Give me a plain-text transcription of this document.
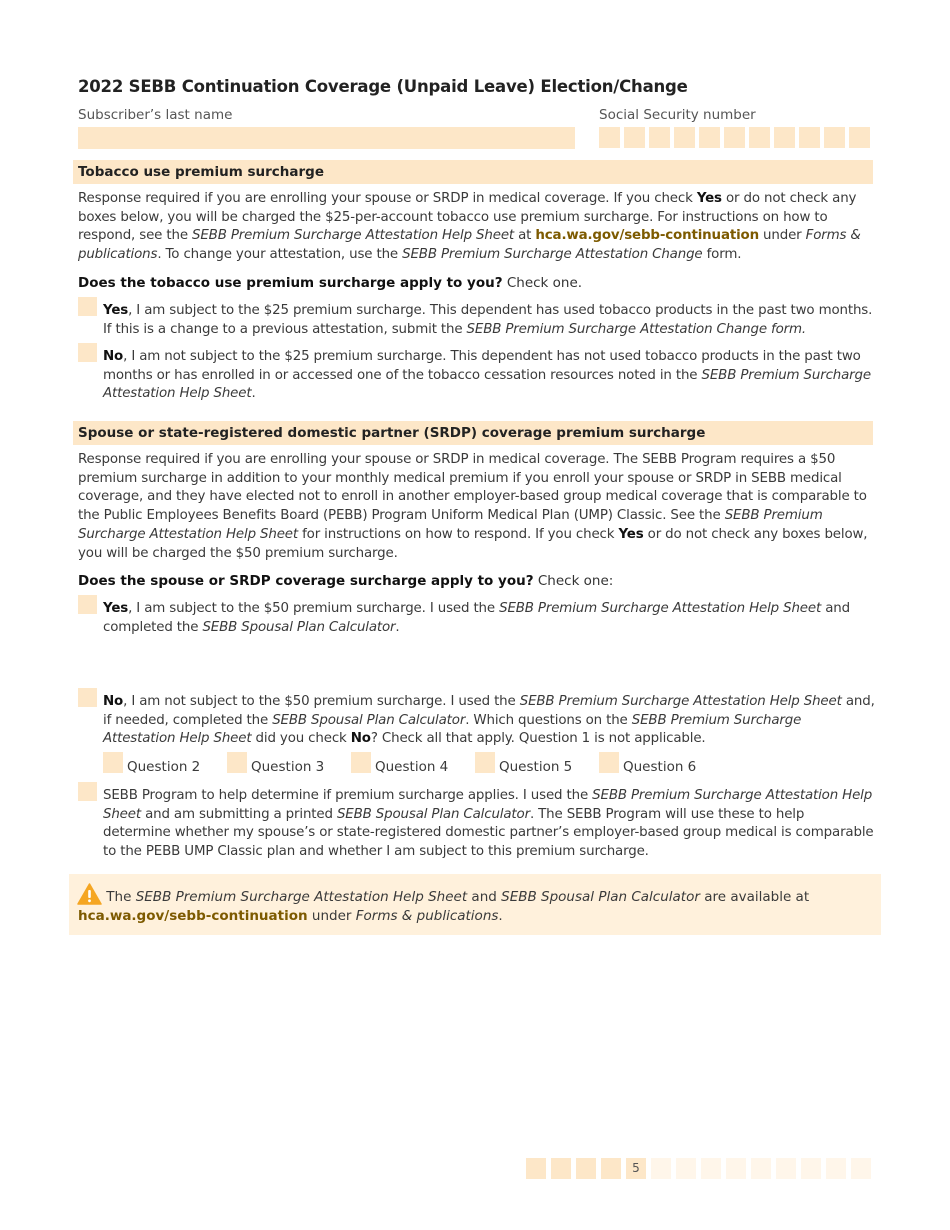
2022 SEBB Continuation Coverage (Unpaid Leave) Election/Change
Subscriber’s last name	Social Security number
Tobacco use premium surcharge
Response required if you are enrolling your spouse or SRDP in medical coverage. If you check Yes or do not check any boxes below, you will be charged the $25-per-account tobacco use premium surcharge. For instructions on how to respond, see the SEBB Premium Surcharge Attestation Help Sheet at hca.wa.gov/sebb-continuation under Forms & publications. To change your attestation, use the SEBB Premium Surcharge Attestation Change form.
Does the tobacco use premium surcharge apply to you? Check one.
Yes, I am subject to the $25 premium surcharge. This dependent has used tobacco products in the past two months. If this is a change to a previous attestation, submit the SEBB Premium Surcharge Attestation Change form.
No, I am not subject to the $25 premium surcharge. This dependent has not used tobacco products in the past two months or has enrolled in or accessed one of the tobacco cessation resources noted in the SEBB Premium Surcharge Attestation Help Sheet.
Spouse or state-registered domestic partner (SRDP) coverage premium surcharge
Response required if you are enrolling your spouse or SRDP in medical coverage. The SEBB Program requires a $50 premium surcharge in addition to your monthly medical premium if you enroll your spouse or SRDP in SEBB medical coverage, and they have elected not to enroll in another employer-based group medical coverage that is comparable to the Public Employees Benefits Board (PEBB) Program Uniform Medical Plan (UMP) Classic. See the SEBB Premium Surcharge Attestation Help Sheet for instructions on how to respond. If you check Yes or do not check any boxes below, you will be charged the $50 premium surcharge.
Does the spouse or SRDP coverage surcharge apply to you? Check one:
Yes, I am subject to the $50 premium surcharge. I used the SEBB Premium Surcharge Attestation Help Sheet and completed the SEBB Spousal Plan Calculator.
No, I am not subject to the $50 premium surcharge. I used the SEBB Premium Surcharge Attestation Help Sheet and, if needed, completed the SEBB Spousal Plan Calculator. Which questions on the SEBB Premium Surcharge Attestation Help Sheet did you check No? Check all that apply. Question 1 is not applicable.
Question 2	Question 3	Question 4	Question 5	Question 6
SEBB Program to help determine if premium surcharge applies. I used the SEBB Premium Surcharge Attestation Help Sheet and am submitting a printed SEBB Spousal Plan Calculator. The SEBB Program will use these to help determine whether my spouse’s or state-registered domestic partner’s employer-based group medical is comparable to the PEBB UMP Classic plan and whether I am subject to this premium surcharge.
The SEBB Premium Surcharge Attestation Help Sheet and SEBB Spousal Plan Calculator are available at
hca.wa.gov/sebb-continuation under Forms & publications.
5
